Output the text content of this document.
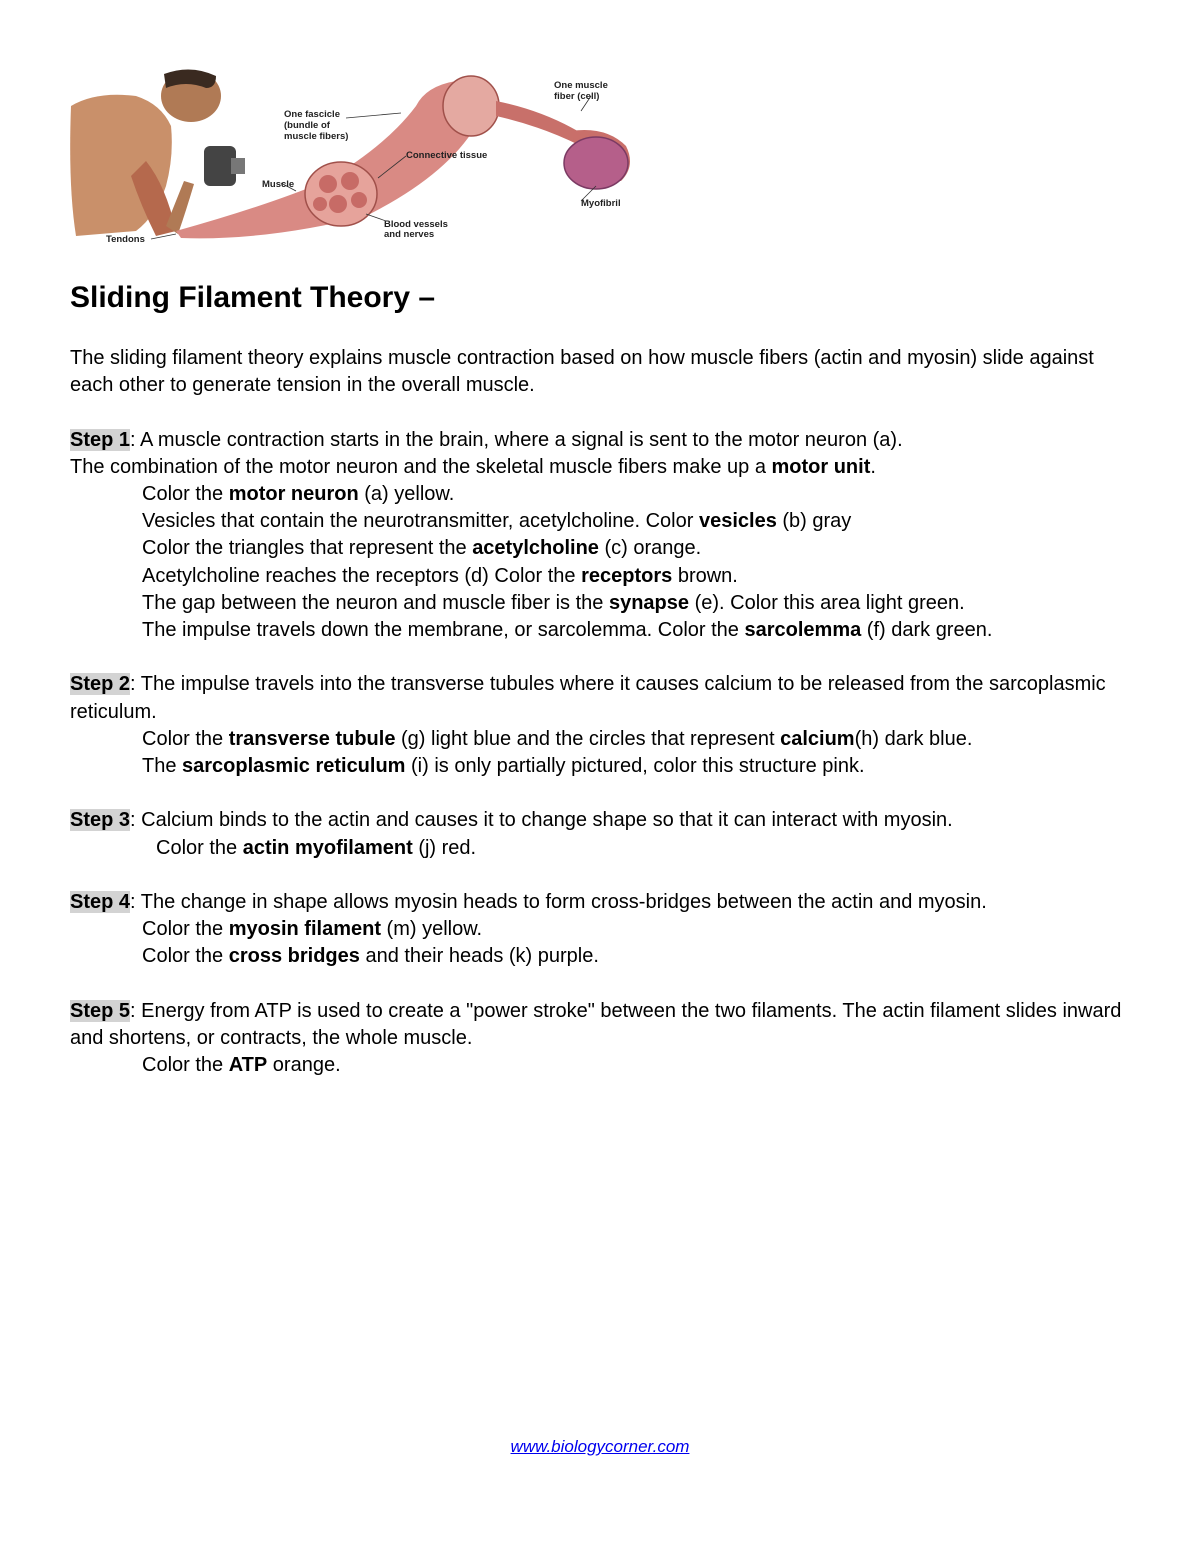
One fascicle
(bundle of
muscle fibers)
One muscle
fiber (cell)
Connective tissue
Muscle
Tendons
Blood vessels
and nerves
Myofibril
Sliding Filament Theory –

The sliding filament theory explains muscle contraction based on how muscle fibers (actin and myosin) slide against each other to generate tension in the overall muscle.

Step 1: A muscle contraction starts in the brain, where a signal is sent to the motor neuron (a).

The combination of the motor neuron and the skeletal muscle fibers make up a motor unit.

Color the motor neuron (a) yellow.

Vesicles that contain the neurotransmitter, acetylcholine. Color vesicles (b) gray

Color the triangles that represent the acetylcholine (c) orange.

Acetylcholine reaches the receptors (d) Color the receptors brown.

The gap between the neuron and muscle fiber is the synapse (e). Color this area light green.

The impulse travels down the membrane, or sarcolemma. Color the sarcolemma (f) dark green.

Step 2: The impulse travels into the transverse tubules where it causes calcium to be released from the sarcoplasmic reticulum.

Color the transverse tubule (g) light blue and the circles that represent calcium(h) dark blue.

The sarcoplasmic reticulum (i) is only partially pictured, color this structure pink.

Step 3: Calcium binds to the actin and causes it to change shape so that it can interact with myosin.

Color the actin myofilament (j) red.

Step 4: The change in shape allows myosin heads to form cross-bridges between the actin and myosin.

Color the myosin filament (m) yellow.

Color the cross bridges and their heads (k) purple.

Step 5: Energy from ATP is used to create a "power stroke" between the two filaments. The actin filament slides inward and shortens, or contracts, the whole muscle.

Color the ATP orange.

www.biologycorner.com
